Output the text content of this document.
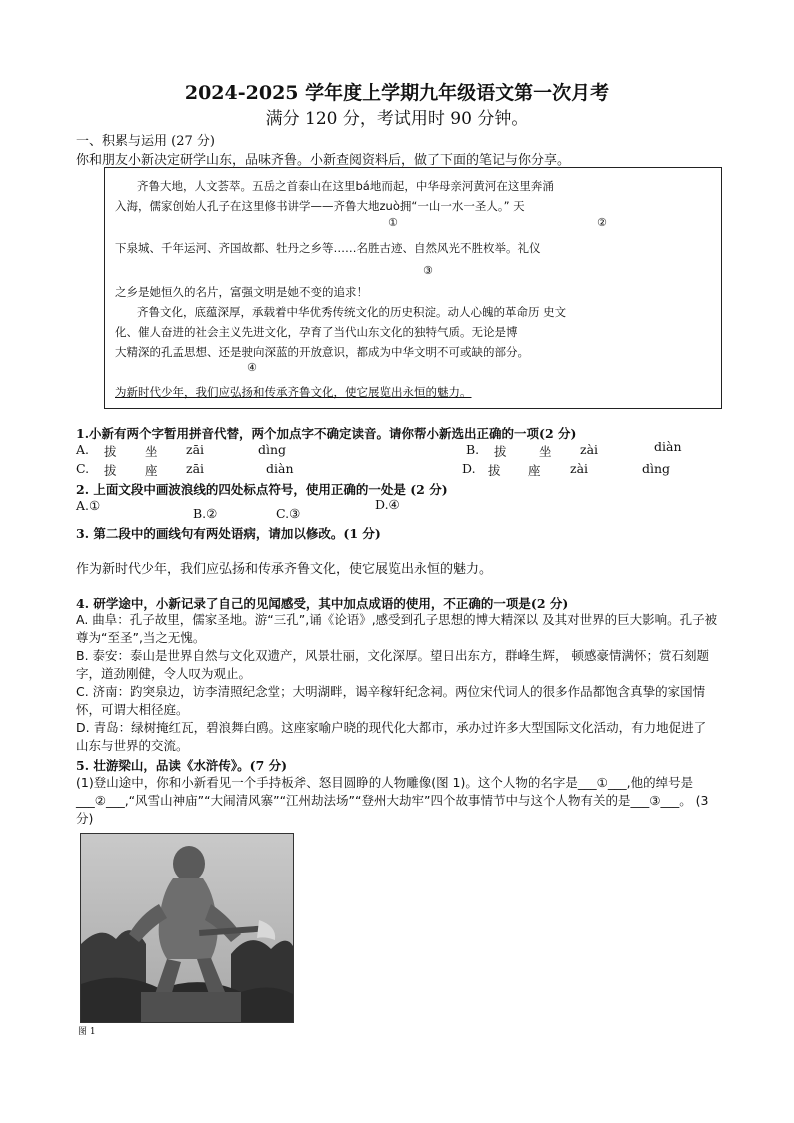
2024-2025 学年度上学期九年级语文第一次月考
满分 120 分，考试用时 90 分钟。
一、积累与运用 (27 分)
你和朋友小新决定研学山东，品味齐鲁。小新查阅资料后，做了下面的笔记与你分享。
齐鲁大地，人文荟萃。五岳之首泰山在这里bá地而起，中华母亲河黄河在这里奔涌
入海，儒家创始人孔子在这里修书讲学——齐鲁大地zuò拥“一山一水一圣人。” 天
①	②
下泉城、千年运河、齐国故都、牡丹之乡等……名胜古迹、自然风光不胜枚举。礼仪
③
之乡是她恒久的名片，富强文明是她不变的追求！
齐鲁文化，底蕴深厚，承载着中华优秀传统文化的历史积淀。动人心魄的革命历 史文
化、催人奋进的社会主义先进文化，孕育了当代山东文化的独特气质。无论是博
大精深的孔孟思想、还是驶向深蓝的开放意识，都成为中华文明不可或缺的部分。
④
为新时代少年，我们应弘扬和传承齐鲁文化，使它展览出永恒的魅力。
1.小新有两个字暂用拼音代替，两个加点字不确定读音。请你帮小新选出正确的一项(2 分)
A. 拔 坐 zāi	dìng	B. 拔	坐 zài	diàn
C. 拔 座 zāi	diàn	D. 拔 座 zài	dìng
2. 上面文段中画波浪线的四处标点符号，使用正确的一处是 (2 分)
A.①
B.②	C.③
D.④
3. 第二段中的画线句有两处语病，请加以修改。(1 分)
作为新时代少年，我们应弘扬和传承齐鲁文化，使它展览出永恒的魅力。
4. 研学途中，小新记录了自己的见闻感受，其中加点成语的使用，不正确的一项是(2 分)
A. 曲阜：孔子故里，儒家圣地。游“三孔”,诵《论语》,感受到孔子思想的博大精深以 及其对世界的巨大影响。孔子被尊为“至圣”,当之无愧。
B. 泰安：泰山是世界自然与文化双遗产，风景壮丽，文化深厚。望日出东方，群峰生辉， 顿感豪情满怀；赏石刻题字，道劲刚健，令人叹为观止。
C. 济南：趵突泉边，访李清照纪念堂；大明湖畔，谒辛稼轩纪念祠。两位宋代词人的很多作品都饱含真挚的家国情怀，可谓大相径庭。
D. 青岛：绿树掩红瓦，碧浪舞白鸥。这座家喻户晓的现代化大都市，承办过许多大型国际文化活动，有力地促进了山东与世界的交流。
5. 壮游梁山，品读《水浒传》。(7 分)
(1)登山途中，你和小新看见一个手持板斧、怒目圆睁的人物雕像(图 1)。这个人物的名字是___①___,他的绰号是 ___②___,“风雪山神庙”“大闹清风寨”“江州劫法场”“登州大劫牢”四个故事情节中与这个人物有关的是___③___。 (3分)
图 1
